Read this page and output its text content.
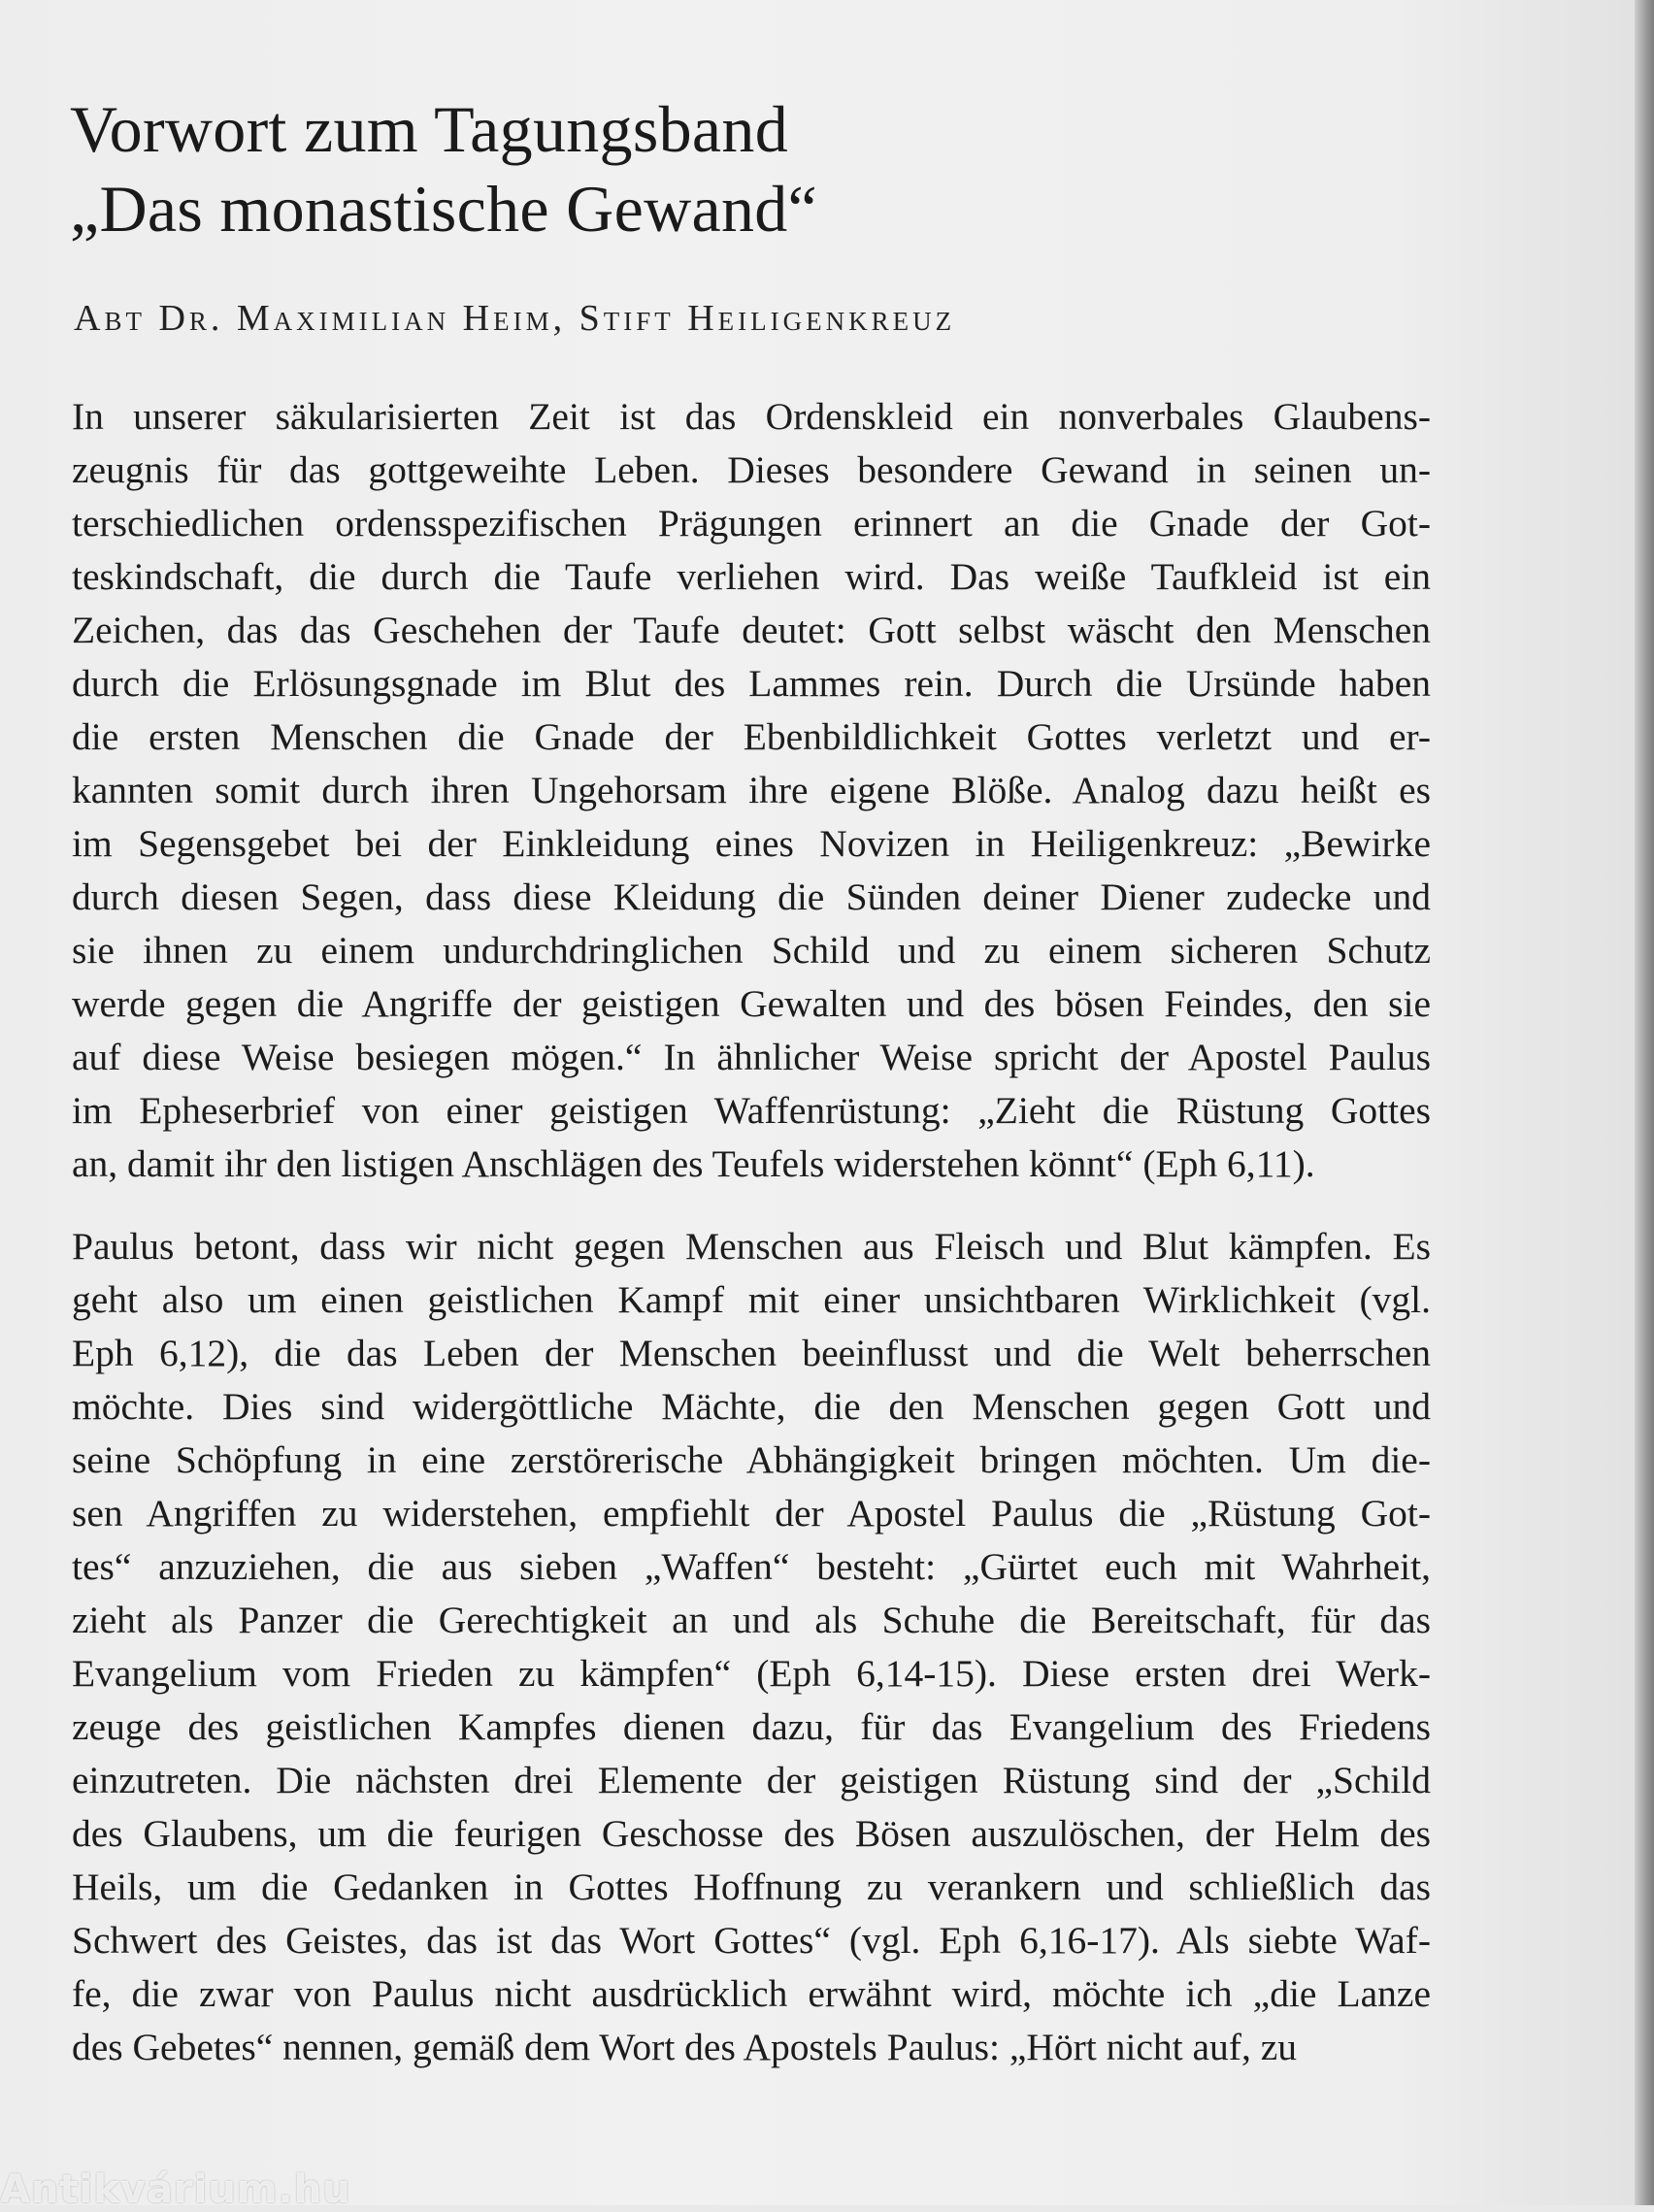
Vorwort zum Tagungsband
„Das monastische Gewand“

Abt Dr. Maximilian Heim, Stift Heiligenkreuz

In unserer säkularisierten Zeit ist das Ordenskleid ein nonverbales Glaubens-
zeugnis für das gottgeweihte Leben. Dieses besondere Gewand in seinen un-
terschiedlichen ordensspezifischen Prägungen erinnert an die Gnade der Got-
teskindschaft, die durch die Taufe verliehen wird. Das weiße Taufkleid ist ein
Zeichen, das das Geschehen der Taufe deutet: Gott selbst wäscht den Menschen
durch die Erlösungsgnade im Blut des Lammes rein. Durch die Ursünde haben
die ersten Menschen die Gnade der Ebenbildlichkeit Gottes verletzt und er-
kannten somit durch ihren Ungehorsam ihre eigene Blöße. Analog dazu heißt es
im Segensgebet bei der Einkleidung eines Novizen in Heiligenkreuz: „Bewirke
durch diesen Segen, dass diese Kleidung die Sünden deiner Diener zudecke und
sie ihnen zu einem undurchdringlichen Schild und zu einem sicheren Schutz
werde gegen die Angriffe der geistigen Gewalten und des bösen Feindes, den sie
auf diese Weise besiegen mögen.“ In ähnlicher Weise spricht der Apostel Paulus
im Epheserbrief von einer geistigen Waffenrüstung: „Zieht die Rüstung Gottes
an, damit ihr den listigen Anschlägen des Teufels widerstehen könnt“ (Eph 6,11).
Paulus betont, dass wir nicht gegen Menschen aus Fleisch und Blut kämpfen. Es
geht also um einen geistlichen Kampf mit einer unsichtbaren Wirklichkeit (vgl.
Eph 6,12), die das Leben der Menschen beeinflusst und die Welt beherrschen
möchte. Dies sind widergöttliche Mächte, die den Menschen gegen Gott und
seine Schöpfung in eine zerstörerische Abhängigkeit bringen möchten. Um die-
sen Angriffen zu widerstehen, empfiehlt der Apostel Paulus die „Rüstung Got-
tes“ anzuziehen, die aus sieben „Waffen“ besteht: „Gürtet euch mit Wahrheit,
zieht als Panzer die Gerechtigkeit an und als Schuhe die Bereitschaft, für das
Evangelium vom Frieden zu kämpfen“ (Eph 6,14-15). Diese ersten drei Werk-
zeuge des geistlichen Kampfes dienen dazu, für das Evangelium des Friedens
einzutreten. Die nächsten drei Elemente der geistigen Rüstung sind der „Schild
des Glaubens, um die feurigen Geschosse des Bösen auszulöschen, der Helm des
Heils, um die Gedanken in Gottes Hoffnung zu verankern und schließlich das
Schwert des Geistes, das ist das Wort Gottes“ (vgl. Eph 6,16-17). Als siebte Waf-
fe, die zwar von Paulus nicht ausdrücklich erwähnt wird, möchte ich „die Lanze
des Gebetes“ nennen, gemäß dem Wort des Apostels Paulus: „Hört nicht auf, zu
Antikvárium.hu
